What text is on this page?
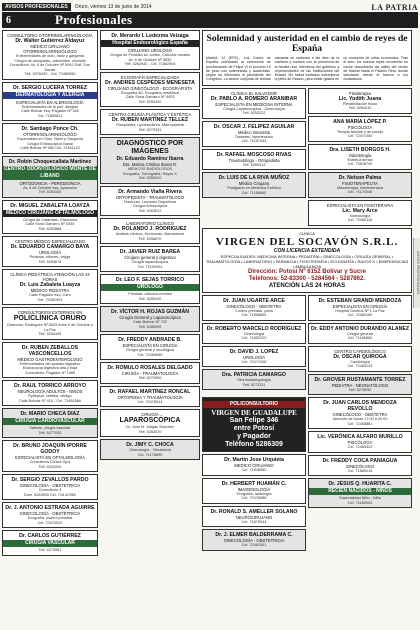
AVISOS PROFESIONALES	Oruro, viernes 13 de junio de 2014	LA PATRIA
6	Profesionales
CONSULTORIO OTORRINOLARINGOLOGÍA
Dr. Walter Gutiérrez Aldayuz
MÉDICO CIRUJANO OTORRINOLARINGÓLOGO
Enfermedades de oído, nariz y garganta
Cirugía de amígdalas, adenoides, sinusitis
Consultorio: Av. 6 de Octubre Nº 5942 Edif. Don Daniel
Telf. 5276420 - Cel. 72480550
Dr. SERGIO LUCERA TORREZ
DERMATOLOGÍA Y ALERGIA
ESPECIALISTA EN ALERGOLOGÍA
Enfermedades de la piel, alergias
Calle Bolívar esq. Pagador Nº 460
Cel. 71880811
Dr. Santiago Ponce Ch.
OTORRINOLARINGÓLOGO
Especialista en Oído, Nariz y Garganta
Cirugía Endoscópica Nasal
Calle Bolívar Nº 580 Cel. 72461123
Dr. Robin Choquecallata Martínez
CENTRO ODONTOLÓGICO MONTE DE LIBANO
ORTODONCIA - PERIODONCIA
Av. 6 de Octubre esq. Ayacucho
Telf. 5254100
Dr. MIGUEL ZABALETA LOAYZA
MÉDICO CIRUJANO OFTALMÓLOGO
Cirugía de Cataratas, Glaucoma
Calle Soria Galvarro Nº 5355
Telf. 5252888
CENTRO MÉDICO ESPECIALIZADO
Dr. EDUARDO CAMARGO BAYA
UROLOGÍA
Próstata, riñones, vejiga
Telf. 5254678
CLÍNICA PEDIÁTRICA ATENCIÓN LAS 24 HORAS
Dr. Luis Zabaleta Loayza
MÉDICO PEDIATRA
Calle Pagador esq. Caro
Cel. 72481903
CONSULTORIOS EXTERNOS EN
POLICLÍNICA ORURO
Dirección: Rodríguez Nº 5525 entre 6 de Octubre y La Paz
Telf. 5254445
Dr. RUBEN ZEBALLOS VASCONCELLOS
MÉDICO GASTROENTERÓLOGO
Enfermedades del aparato digestivo
Endoscopía digestiva alta y baja
Consultorio: Pagador Nº 1585
Dr. RAUL TORRICO ARROYO
NEUROLOGÍA ADULTOS - NIÑOS
Epilepsia, cefalea, vértigo
Calle Bolívar Nº 410 - Cel. 71851566
Dr. MARIO CHECA DIAZ
CIRUGÍA CARDIOVASCULAR
Varices, cirugía vascular
Telf. 5277030
Dr. BRUNO JOAQUÍN IPORRE GODOY
ESPECIALISTA EN OFTALMOLOGÍA
Consultorio Clínica Ojos
Telf. 5242020
Dr. SERGIO ZEVALLOS PARDO
GINECOLOGÍA - OBSTETRICIA
Consultorio 4
Dom. 5283500 Cel. 718-40360
Dr. J. ANTONIO ESTRADA AGUIRRE
GINECOLOGÍA - OBSTETRICIA
Ecografía, control prenatal
Cel. 72470022
Dr. CARLOS GUTIÉRREZ
CIRUGÍA VASCULAR
Telf. 5275561
Dr. Merardo I. Ledezma Veizaga
Hospital Endourológico España
CIRUJANO UROLÓGO
Cirugía de Próstata sin cortes, Cálculos renales
Av. 6 de Octubre Nº 5830
Telf. 5262940 - Cel. 71862504
ECOGRAFÍA ESPECIALIZADA
Dr. ANDRES CESPEDES MENESETA
CIRUJANO GINECÓLOGO - ECOGRAFISTA
Ecografía 4D, Ecografía obstétrica
Calle Soria Galvarro Nº 4925
Telf. 5250320
CENTRO CIRUGÍA PLÁSTICA Y ESTÉTICA
Dr. RUBEN MARTÍNEZ TELLEZ
Rinoplastía, Lipoescultura, Mamoplastía
Telf. 5270331
DIAGNÓSTICO POR IMÁGENES
Dr. Eduardo Ramírez Ibarra
Dra. Marcia Cristina Ibarra R.
MÉDICOS RADIÓLOGOS
Ecografía, Tomografía, Rayos X
Telf. 5250910
Dr. Armando Viaña Rivera
ORTOPEDISTA - TRAUMATÓLOGO
Fracturas, Lesiones Deportivas
Cirugía Artroscópica
Telf. 5263612
LABORATORIO CLÍNICO
Dr. ROLANDO J. RODRIGUEZ
Análisis clínicos, Hormonas, Marcadores
Telf. 5256670
Dr. JAVIER RUIZ BAREA
Cirujano general y digestivo
Cirugía laparoscópica
Cel. 71190044
Dr. LEO F. SEJAS TORRICO
UROLOGO
Próstata, cálculos renales
Telf. 5255100
Dr. VÍCTOR H. ROJAS GUZMÁN
Cirugía General y Laparoscópica
Calle Bolívar Nº 722
Telf. 5280999
Dr. FREDDY ANDRADE B.
ESPECIALISTA EN CIRUGÍA
Cirugía general y oncológica
Cel. 72469655
Dr. ROMULO ROSALES DELGADO
CIRUGÍA - TRAUMATOLOGÍA
Telf. 5270990
Dr. RAFAEL MARTÍNEZ RONCAL
ORTOPEDIA Y TRAUMATOLOGÍA
Cel. 72478014
CIRUGÍA
LAPAROSCÓPICA
Dr. José M. Vargas Sánchez
Telf. 5264070
Dr. JIMY C. CHOCA
Ginecología - Obstetricia
Cel. 71178890
Solemnidad y austeridad en el cambio de reyes de España
Madrid, 12 (EFE).- Los Cortes de España celebrarán la ceremonia de proclamación de Felipe VI el próximo 19 de junio con solemnidad y austeridad, según ha informado el presidente del Congreso. La sesión conjunta de ambas cámaras se realizará a las diez de la mañana y contará con la presencia de la familia real, miembros del gobierno y representantes de las instituciones del Estado. No habrá invitados extranjeros ni jefes de Estado, para evitar gastos en un momento de crisis económica. Tras el acto, los nuevos reyes recorrerán en coche descubierto las calles del centro de Madrid hasta el Palacio Real, donde saludarán desde el balcón a los ciudadanos.
CLÍNICA EL SALVADOR
Dr. PABLO A. ROMERO ARANIBAR
ESPECIALISTA EN MEDICINA INTERNA
Cirugía Laparoscópica - Ginecología
Telf. 5252222
Dr. OSCAR J. FELIPEZ AGUILAR
Médico Internista
Diabetes, hipertensión
Cel. 71187444
Dr. RAFAEL MOSCOSO RIVAS
Traumatólogo - Ortopedista
Telf. 5280414
Dr. LUIS DE LA RIVA MUÑOZ
Médico Cirujano
Postgrado en Medicina Estética
Cel. 71186560
Fisioterapia
Lic. Yudith Juana
Rehabilitación física
Telf. 5254410
ANA MARÍA LÓPEZ P.
PSICÓLOGA
Terapia familiar y de pareja
Cel. 72471050
Dra. LISETH BORGOS H.
Odontología
Estética dental
Cel. 73828790
Dr. Nelson Palma
FISIOTERAPEUTA
Masoterapia, electroterapia
Cel. 71170046
ESPECIALISTA EN FISIOTERAPIA
Lic. Mary Arce
Kinesiología
Cel. 72480116
CLÍNICA
VIRGEN DEL SOCAVÓN S.R.L.
CON LICENCIA EXTENDIDA
ESPECIALIDADES: MEDICINA INTERNA • PEDIATRÍA • GINECOLOGÍA • CIRUGÍA GENERAL • TRAUMATOLOGÍA • LABORATORIO • FARMACIA • FISIOTERAPIA • ECOGRAFÍA • RAYOS X • EMERGENCIAS • AMBULANCIA
Dirección: Potosí Nº 6152 Bolívar y Sucre
Teléfonos: 52-83300 - 5284564 - 5287862.
ATENCIÓN LAS 24 HORAS
Dr. JUAN UGARTE ARCE
GINECÓLOGO - OBSTETRA
Control prenatal, parto
Cel. 71858804
Dr. ROBERTO MARCELO RODRÍGUEZ
Ginecología
Cel. 71852220
Dr. DAVID J. LOPEZ
UROLOGÍA
Cel. 72471008
Dra. PATRICIA CAMARGO
Otorrinolaringología
Telf. 5273211
Dr. ESTEBAN GRANDI MENDOZA
ESPECIALISTA EN CIRUGÍA
Hospital General Nº 1 La Paz
Cel. 72480160
Dr. EDDY ANTONIO DURANDO ALANEZ
Cirugía general
Cel. 71186662
CENTRO CARDIOLÓGICO
Dr. OSCAR QUIROGA
Cardiología
Cel. 72463123
Dr. GROVER RUSTAMANTE TORREZ
PEDIATRA - NEONATÓLOGO
Telf. 5278050
POLICONSULTORIO
VIRGEN DE GUADALUPE
San Felipe 346
entre Potosí
y Pagador
Teléfono 5286309
Dr. Martin Jose Urquieta
MEDICO CIRUJANO
Cel. 71848080
Dr. HERBERT HUAMÁN C.
IMAGENOLOGÍA
Ecografía, radiología
Cel. 72476688
Dr. RONALD S. AMELLER SOLANO
NEUROCIRUJANO
Cel. 71875544
Dr. J. ELMER BALDERRAMA C.
GINECOLOGÍA - OBSTETRICIA
Cel. 72463301
Dr. JUAN CARLOS MENDOZA REVOLLO
GINECÓLOGO - OBSTETRA
Atención de horas 17:00 a 20:00
Cel. 72468881
Lic. VERÓNICA ALFARO MURILLO
PSICÓLOGA
Cel. 72483322
Dr. FREDDY COCA PANIAGUA
GINECÓLOGO
Cel. 71880016
Dr. JESUS Q. HUARITA C.
RECIÉN NACIDOS - NIÑOS
Especialidad Niño - Niña
Cel. 71180004
AVISOS PROFESIONALES
